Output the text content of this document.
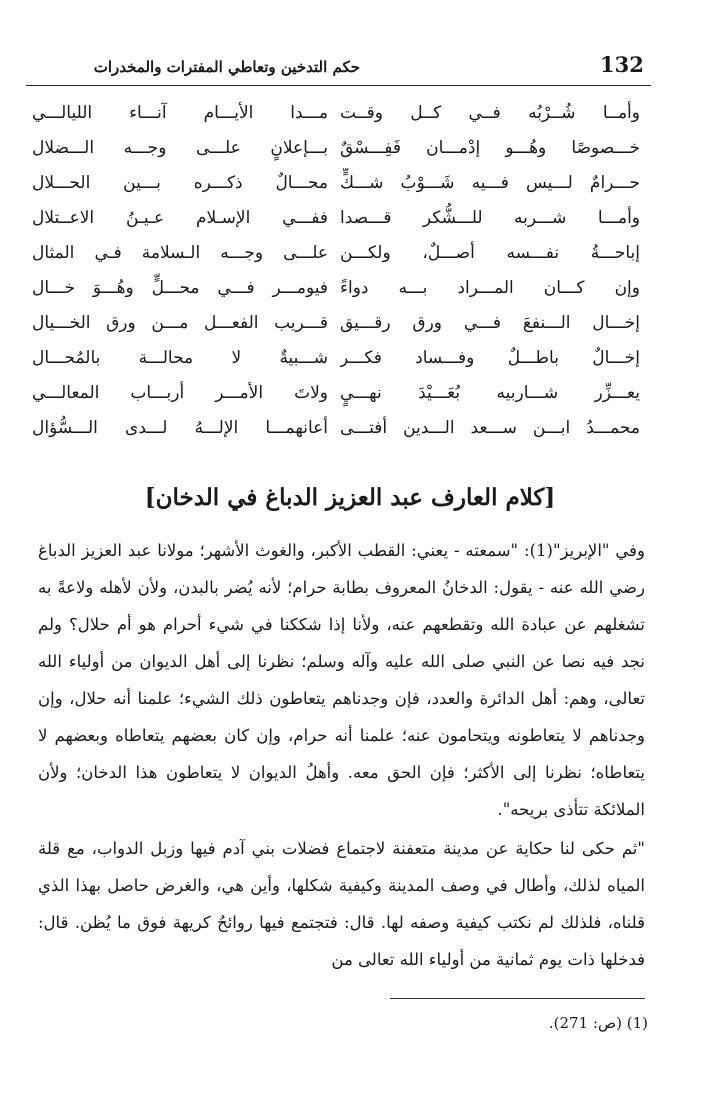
132
حكم التدخين وتعاطي المفترات والمخدرات
وأمــا شُــرْبُه فــي كــل وقــت
مـــدا الأيـــام آنـــاء الليالـــي
خـــصوصًا وهُـــو إدْمـــان فَفِـــسْقٌ
بـــإعلانٍ علـــى وجـــه الـــضلال
حـــرامٌ لـــيس فـــيه شَـــوْبُ شـــكٍّ
محـــالٌ ذكـــره بـــين الحـــلال
وأمـــا شـــربه للـــشُّكر قـــصدا
ففـــي الإسـلام عـيـنُ الاعــتلال
إباحـــةُ نفـــسه أصـــلٌ، ولكـــن
علـــى وجـــه الـسلامة فـي المثال
وإن كـــان المـــراد بـــه دواءً
فيومـــر فـــي محـــلٍّ وهُـــوَ خـــال
إخـــال الـــنفعَ فـــي ورق رقـــيق
قـــريب الفعـــل مـــن ورق الخـــيال
إخـــالٌ باطـــلٌ وفـــساد فكـــر
شـــبيةٌ لا محالـــة بالمُحـــال
يعـــزِّر شـــاربيه بُعَـــيْدَ نهـــيٍ
ولاتَ الأمـــر أربـــاب المعالـــي
محمـــدُ ابـــن ســـعد الـــدين أفتـــى
أعانهمـــا الإلـــهُ لـــدى الـــسُّؤال
[كلام العارف عبد العزيز الدباغ في الدخان]
وفي "الإبريز"(1): "سمعته - يعني: القطب الأكبر، والغوث الأشهر؛ مولانا عبد العزيز الدباغ رضي الله عنه - يقول: الدخانُ المعروف بطابة حرام؛ لأنه يُضر بالبدن، ولأن لأهله ولاعةً به تشغلهم عن عبادة الله وتقطعهم عنه، ولأنا إذا شككنا في شيء أحرام هو أم حلال؟ ولم نجد فيه نصا عن النبي صلى الله عليه وآله وسلم؛ نظرنا إلى أهل الديوان من أولياء الله تعالى، وهم: أهل الدائرة والعدد، فإن وجدناهم يتعاطون ذلك الشيء؛ علمنا أنه حلال، وإن وجدناهم لا يتعاطونه ويتحامون عنه؛ علمنا أنه حرام، وإن كان بعضهم يتعاطاه وبعضهم لا يتعاطاه؛ نظرنا إلى الأكثر؛ فإن الحق معه. وأهلُ الديوان لا يتعاطون هذا الدخان؛ ولأن الملائكة تتأذى بريحه".
"ثم حكى لنا حكاية عن مدينة متعفنة لاجتماع فضلات بني آدم فيها وزبل الدواب، مع قلة المياه لذلك، وأطال في وصف المدينة وكيفية شكلها، وأين هي، والغرض حاصل بهذا الذي قلناه، فلذلك لم نكتب كيفية وصفه لها. قال: فتجتمع فيها روائحُ كريهة فوق ما يُظن. قال: فدخلها ذات يوم ثمانية من أولياء الله تعالى من
(1) (ص: 271).
